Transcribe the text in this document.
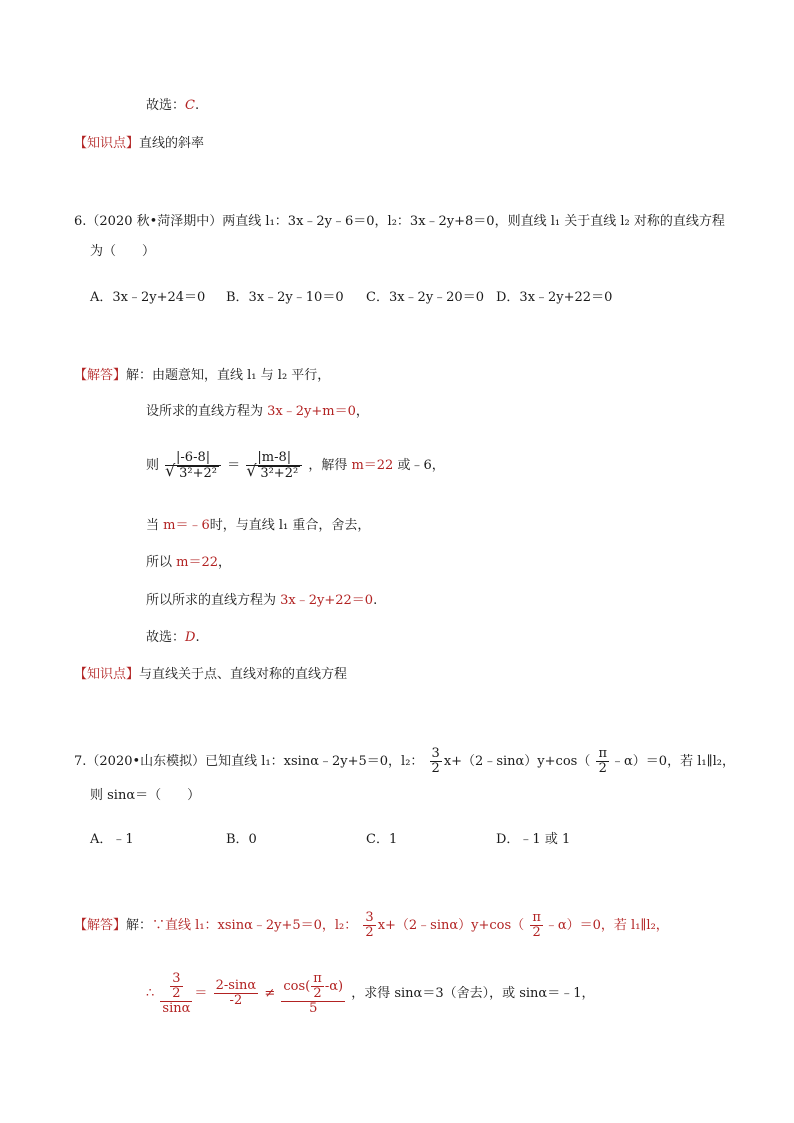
故选：C.
【知识点】直线的斜率
6.（2020 秋•菏泽期中）两直线 l₁：3x﹣2y﹣6＝0，l₂：3x﹣2y+8＝0，则直线 l₁ 关于直线 l₂ 对称的直线方程
为（　　）
A．3x﹣2y+24＝0 B．3x﹣2y﹣10＝0 C．3x﹣2y﹣20＝0 D．3x﹣2y+22＝0
【解答】解：由题意知，直线 l₁ 与 l₂ 平行，
设所求的直线方程为 3x﹣2y+m＝0，
则 |-6-8|
√ 3²+2² ＝ |m-8|
√ 3²+2² ，解得 m＝22 或﹣6，
当 m＝﹣6时，与直线 l₁ 重合，舍去，
所以 m＝22，
所以所求的直线方程为 3x﹣2y+22＝0.
故选：D.
【知识点】与直线关于点、直线对称的直线方程
7.（2020•山东模拟）已知直线 l₁：xsinα﹣2y+5＝0，l₂： $\frac{3}{2}$ x+（2﹣sinα）y+cos（ $\frac{\pi}{2}$ ﹣α）＝0，若 l₁∥l₂，
则 sinα＝（　　）
A．﹣1	B．0	C．1	D．﹣1 或 1
【解答】解：∵直线 l₁：xsinα﹣2y+5＝0，l₂： $\frac{3}{2}$ x+（2﹣sinα）y+cos（ $\frac{\pi}{2}$ ﹣α）＝0，若 l₁∥l₂，
∴ $\frac{\frac{3}{2}}{\sin\alpha} = \frac{2-\sin\alpha}{-2} \ne \frac{\cos( \frac{\pi}{2} -\alpha)}{5}$ ，求得 sinα＝3（舍去），或 sinα＝﹣1，
